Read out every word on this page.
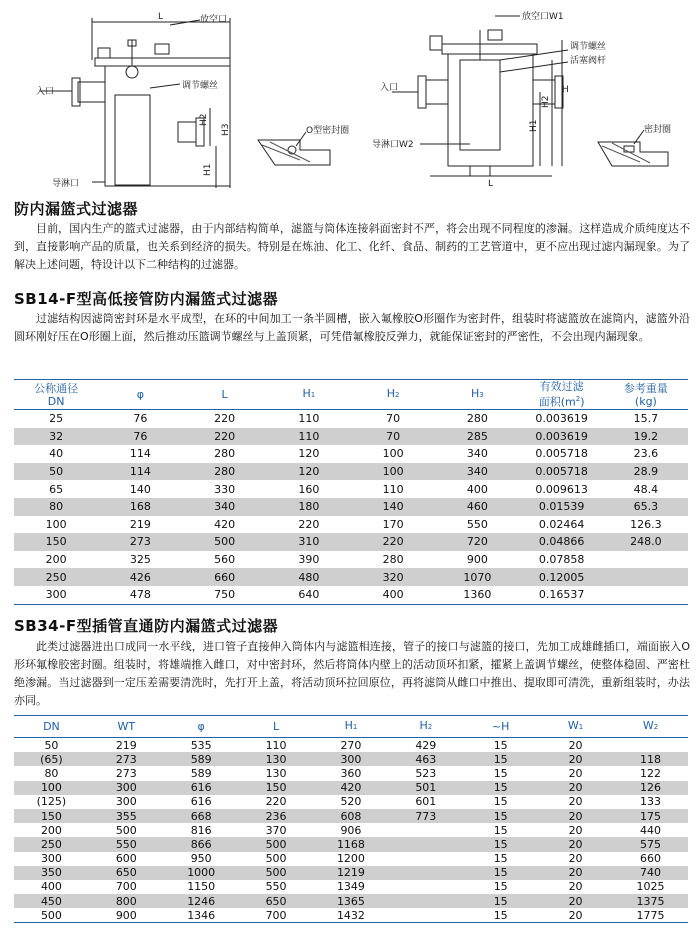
L	放空口
入口
调节螺丝
H2
H3
H1
导淋口
O型密封圈
放空口W1
入口
调节螺丝
活塞阀杆
H1
H2
H
导淋口W2
L
密封圈
防内漏篮式过滤器
目前，国内生产的篮式过滤器，由于内部结构简单，滤篮与筒体连接斜面密封不严，将会出现不同程度的渗漏。这样造成介质纯度达不到，直接影响产品的质量，也关系到经济的损失。特别是在炼油、化工、化纤、食品、制药的工艺管道中，更不应出现过滤内漏现象。为了解决上述问题，特设计以下二种结构的过滤器。
SB14-F型高低接管防内漏篮式过滤器
过滤结构因滤筒密封环是水平成型，在环的中间加工一条半圆槽，嵌入氟橡胶O形圈作为密封件，组装时将滤篮放在滤筒内，滤篮外沿圆环刚好压在O形圈上面，然后推动压篮调节螺丝与上盖顶紧，可凭借氟橡胶反弹力，就能保证密封的严密性，不会出现内漏现象。
公称通径
DN	φ	L	H1	H2	H3	有效过滤
面积$(m^2)$	参考重量
(kg)
25	76	220	110	70	280	0.003619	15.7
32	76	220	110	70	285	0.003619	19.2
40	114	280	120	100	340	0.005718	23.6
50	114	280	120	100	340	0.005718	28.9
65	140	330	160	110	400	0.009613	48.4
80	168	340	180	140	460	0.01539	65.3
100	219	420	220	170	550	0.02464	126.3
150	273	500	310	220	720	0.04866	248.0
200	325	560	390	280	900	0.07858	
250	426	660	480	320	1070	0.12005	
300	478	750	640	400	1360	0.16537	
SB34-F型插管直通防内漏篮式过滤器
此类过滤器进出口成同一水平线，进口管子直接伸入筒体内与滤篮相连接，管子的接口与滤篮的接口，先加工成雄雌插口，端面嵌入O形环氟橡胶密封圈。组装时，将雄端推入雌口，对中密封环，然后将筒体内壁上的活动顶环扣紧，攉紧上盖调节螺丝，使整体稳固、严密杜绝渗漏。当过滤器到一定压差需要清洗时，先打开上盖，将活动顶环拉回原位，再将滤筒从雌口中推出、提取即可清洗，重新组装时，办法亦同。
DN	WT	φ	L	H1	H2	~H	W1	W2
50	219	535	110	270	429	15	20	
(65)	273	589	130	300	463	15	20	118
80	273	589	130	360	523	15	20	122
100	300	616	150	420	501	15	20	126
(125)	300	616	220	520	601	15	20	133
150	355	668	236	608	773	15	20	175
200	500	816	370	906		15	20	440
250	550	866	500	1168		15	20	575
300	600	950	500	1200		15	20	660
350	650	1000	500	1219		15	20	740
400	700	1150	550	1349		15	20	1025
450	800	1246	650	1365		15	20	1375
500	900	1346	700	1432		15	20	1775
